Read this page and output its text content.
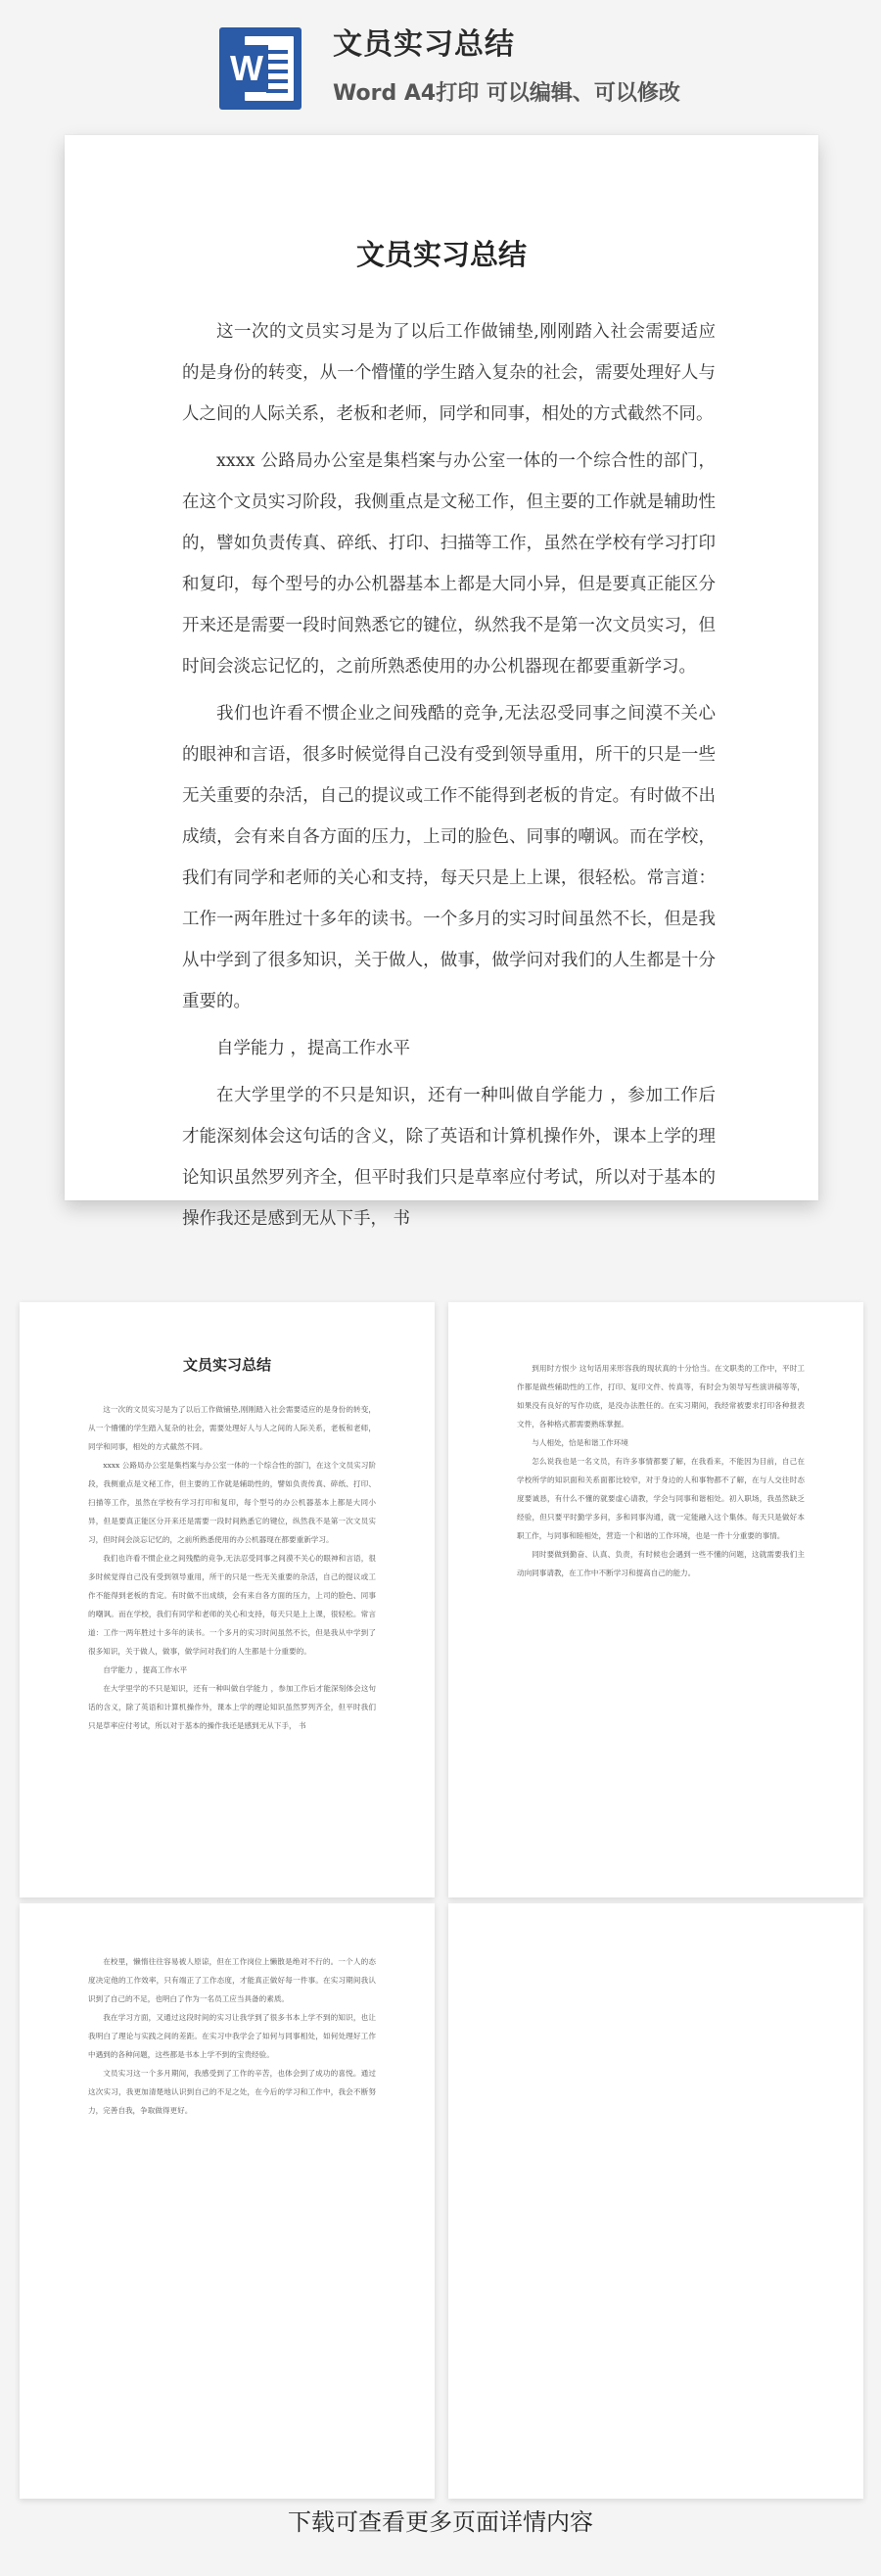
W
文员实习总结
Word A4打印 可以编辑、可以修改
文员实习总结

这一次的文员实习是为了以后工作做铺垫,刚刚踏入社会需要适应的是身份的转变，从一个懵懂的学生踏入复杂的社会，需要处理好人与人之间的人际关系，老板和老师，同学和同事，相处的方式截然不同。

xxxx 公路局办公室是集档案与办公室一体的一个综合性的部门，在这个文员实习阶段，我侧重点是文秘工作，但主要的工作就是辅助性的，譬如负责传真、碎纸、打印、扫描等工作，虽然在学校有学习打印和复印，每个型号的办公机器基本上都是大同小异，但是要真正能区分开来还是需要一段时间熟悉它的键位，纵然我不是第一次文员实习，但时间会淡忘记忆的，之前所熟悉使用的办公机器现在都要重新学习。

我们也许看不惯企业之间残酷的竞争,无法忍受同事之间漠不关心的眼神和言语，很多时候觉得自己没有受到领导重用，所干的只是一些无关重要的杂活，自己的提议或工作不能得到老板的肯定。有时做不出成绩，会有来自各方面的压力，上司的脸色、同事的嘲讽。而在学校，我们有同学和老师的关心和支持，每天只是上上课，很轻松。常言道：工作一两年胜过十多年的读书。一个多月的实习时间虽然不长，但是我从中学到了很多知识，关于做人，做事，做学问对我们的人生都是十分重要的。

自学能力 ，提高工作水平

在大学里学的不只是知识，还有一种叫做自学能力 ，参加工作后才能深刻体会这句话的含义，除了英语和计算机操作外，课本上学的理论知识虽然罗列齐全，但平时我们只是草率应付考试，所以对于基本的操作我还是感到无从下手， 书

文员实习总结

这一次的文员实习是为了以后工作做铺垫,刚刚踏入社会需要适应的是身份的转变，从一个懵懂的学生踏入复杂的社会，需要处理好人与人之间的人际关系，老板和老师，同学和同事，相处的方式截然不同。

xxxx 公路局办公室是集档案与办公室一体的一个综合性的部门，在这个文员实习阶段，我侧重点是文秘工作，但主要的工作就是辅助性的，譬如负责传真、碎纸、打印、扫描等工作，虽然在学校有学习打印和复印，每个型号的办公机器基本上都是大同小异，但是要真正能区分开来还是需要一段时间熟悉它的键位，纵然我不是第一次文员实习，但时间会淡忘记忆的，之前所熟悉使用的办公机器现在都要重新学习。

我们也许看不惯企业之间残酷的竞争,无法忍受同事之间漠不关心的眼神和言语，很多时候觉得自己没有受到领导重用，所干的只是一些无关重要的杂活，自己的提议或工作不能得到老板的肯定。有时做不出成绩，会有来自各方面的压力，上司的脸色、同事的嘲讽。而在学校，我们有同学和老师的关心和支持，每天只是上上课，很轻松。常言道：工作一两年胜过十多年的读书。一个多月的实习时间虽然不长，但是我从中学到了很多知识，关于做人，做事，做学问对我们的人生都是十分重要的。

自学能力 ，提高工作水平

在大学里学的不只是知识，还有一种叫做自学能力 ，参加工作后才能深刻体会这句话的含义，除了英语和计算机操作外，课本上学的理论知识虽然罗列齐全，但平时我们只是草率应付考试，所以对于基本的操作我还是感到无从下手， 书

到用时方恨少 这句话用来形容我的现状真的十分恰当。在文职类的工作中，平时工作都是做些辅助性的工作，打印、复印文件、传真等，有时会为领导写些演讲稿等等，如果没有良好的写作功底，是没办法胜任的。在实习期间，我经常被要求打印各种报表文件，各种格式都需要熟练掌握。

与人相处，恰是和谐工作环境

怎么说我也是一名文员，有许多事情都要了解，在我看来，不能因为目前，自己在学校所学的知识面和关系面都比较窄，对于身边的人和事物都不了解，在与人交往时态度要诚恳，有什么不懂的就要虚心请教，学会与同事和谐相处。初入职场，我虽然缺乏经验，但只要平时勤学多问，多和同事沟通，就一定能融入这个集体。每天只是做好本职工作，与同事和睦相处，营造一个和谐的工作环境，也是一件十分重要的事情。

同时要做到勤奋、认真、负责，有时候也会遇到一些不懂的问题，这就需要我们主动向同事请教，在工作中不断学习和提高自己的能力。

在校里，懒惰往往容易被人原谅，但在工作岗位上懒散是绝对不行的。一个人的态度决定他的工作效率，只有端正了工作态度，才能真正做好每一件事。在实习期间我认识到了自己的不足，也明白了作为一名员工应当具备的素质。

我在学习方面，又通过这段时间的实习让我学到了很多书本上学不到的知识，也让我明白了理论与实践之间的差距。在实习中我学会了如何与同事相处，如何处理好工作中遇到的各种问题，这些都是书本上学不到的宝贵经验。

文员实习这一个多月期间，我感受到了工作的辛苦，也体会到了成功的喜悦。通过这次实习，我更加清楚地认识到自己的不足之处，在今后的学习和工作中，我会不断努力，完善自我，争取做得更好。

下载可查看更多页面详情内容
